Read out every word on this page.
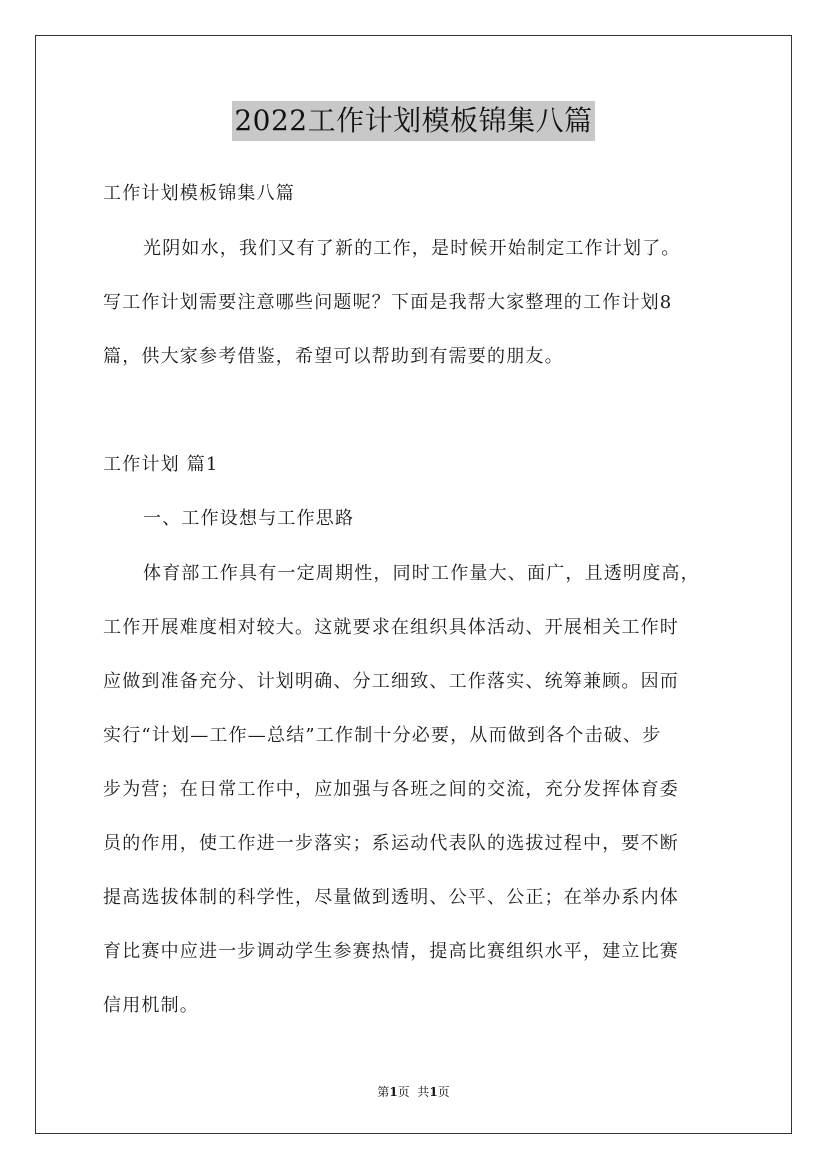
2022工作计划模板锦集八篇
工作计划模板锦集八篇
光阴如水，我们又有了新的工作，是时候开始制定工作计划了。
写工作计划需要注意哪些问题呢？下面是我帮大家整理的工作计划8
篇，供大家参考借鉴，希望可以帮助到有需要的朋友。
工作计划 篇1
一、工作设想与工作思路
体育部工作具有一定周期性，同时工作量大、面广，且透明度高，
工作开展难度相对较大。这就要求在组织具体活动、开展相关工作时
应做到准备充分、计划明确、分工细致、工作落实、统筹兼顾。因而
实行“计划—工作—总结”工作制十分必要，从而做到各个击破、步
步为营；在日常工作中，应加强与各班之间的交流，充分发挥体育委
员的作用，使工作进一步落实；系运动代表队的选拔过程中，要不断
提高选拔体制的科学性，尽量做到透明、公平、公正；在举办系内体
育比赛中应进一步调动学生参赛热情，提高比赛组织水平，建立比赛
信用机制。
第1页  共1页
